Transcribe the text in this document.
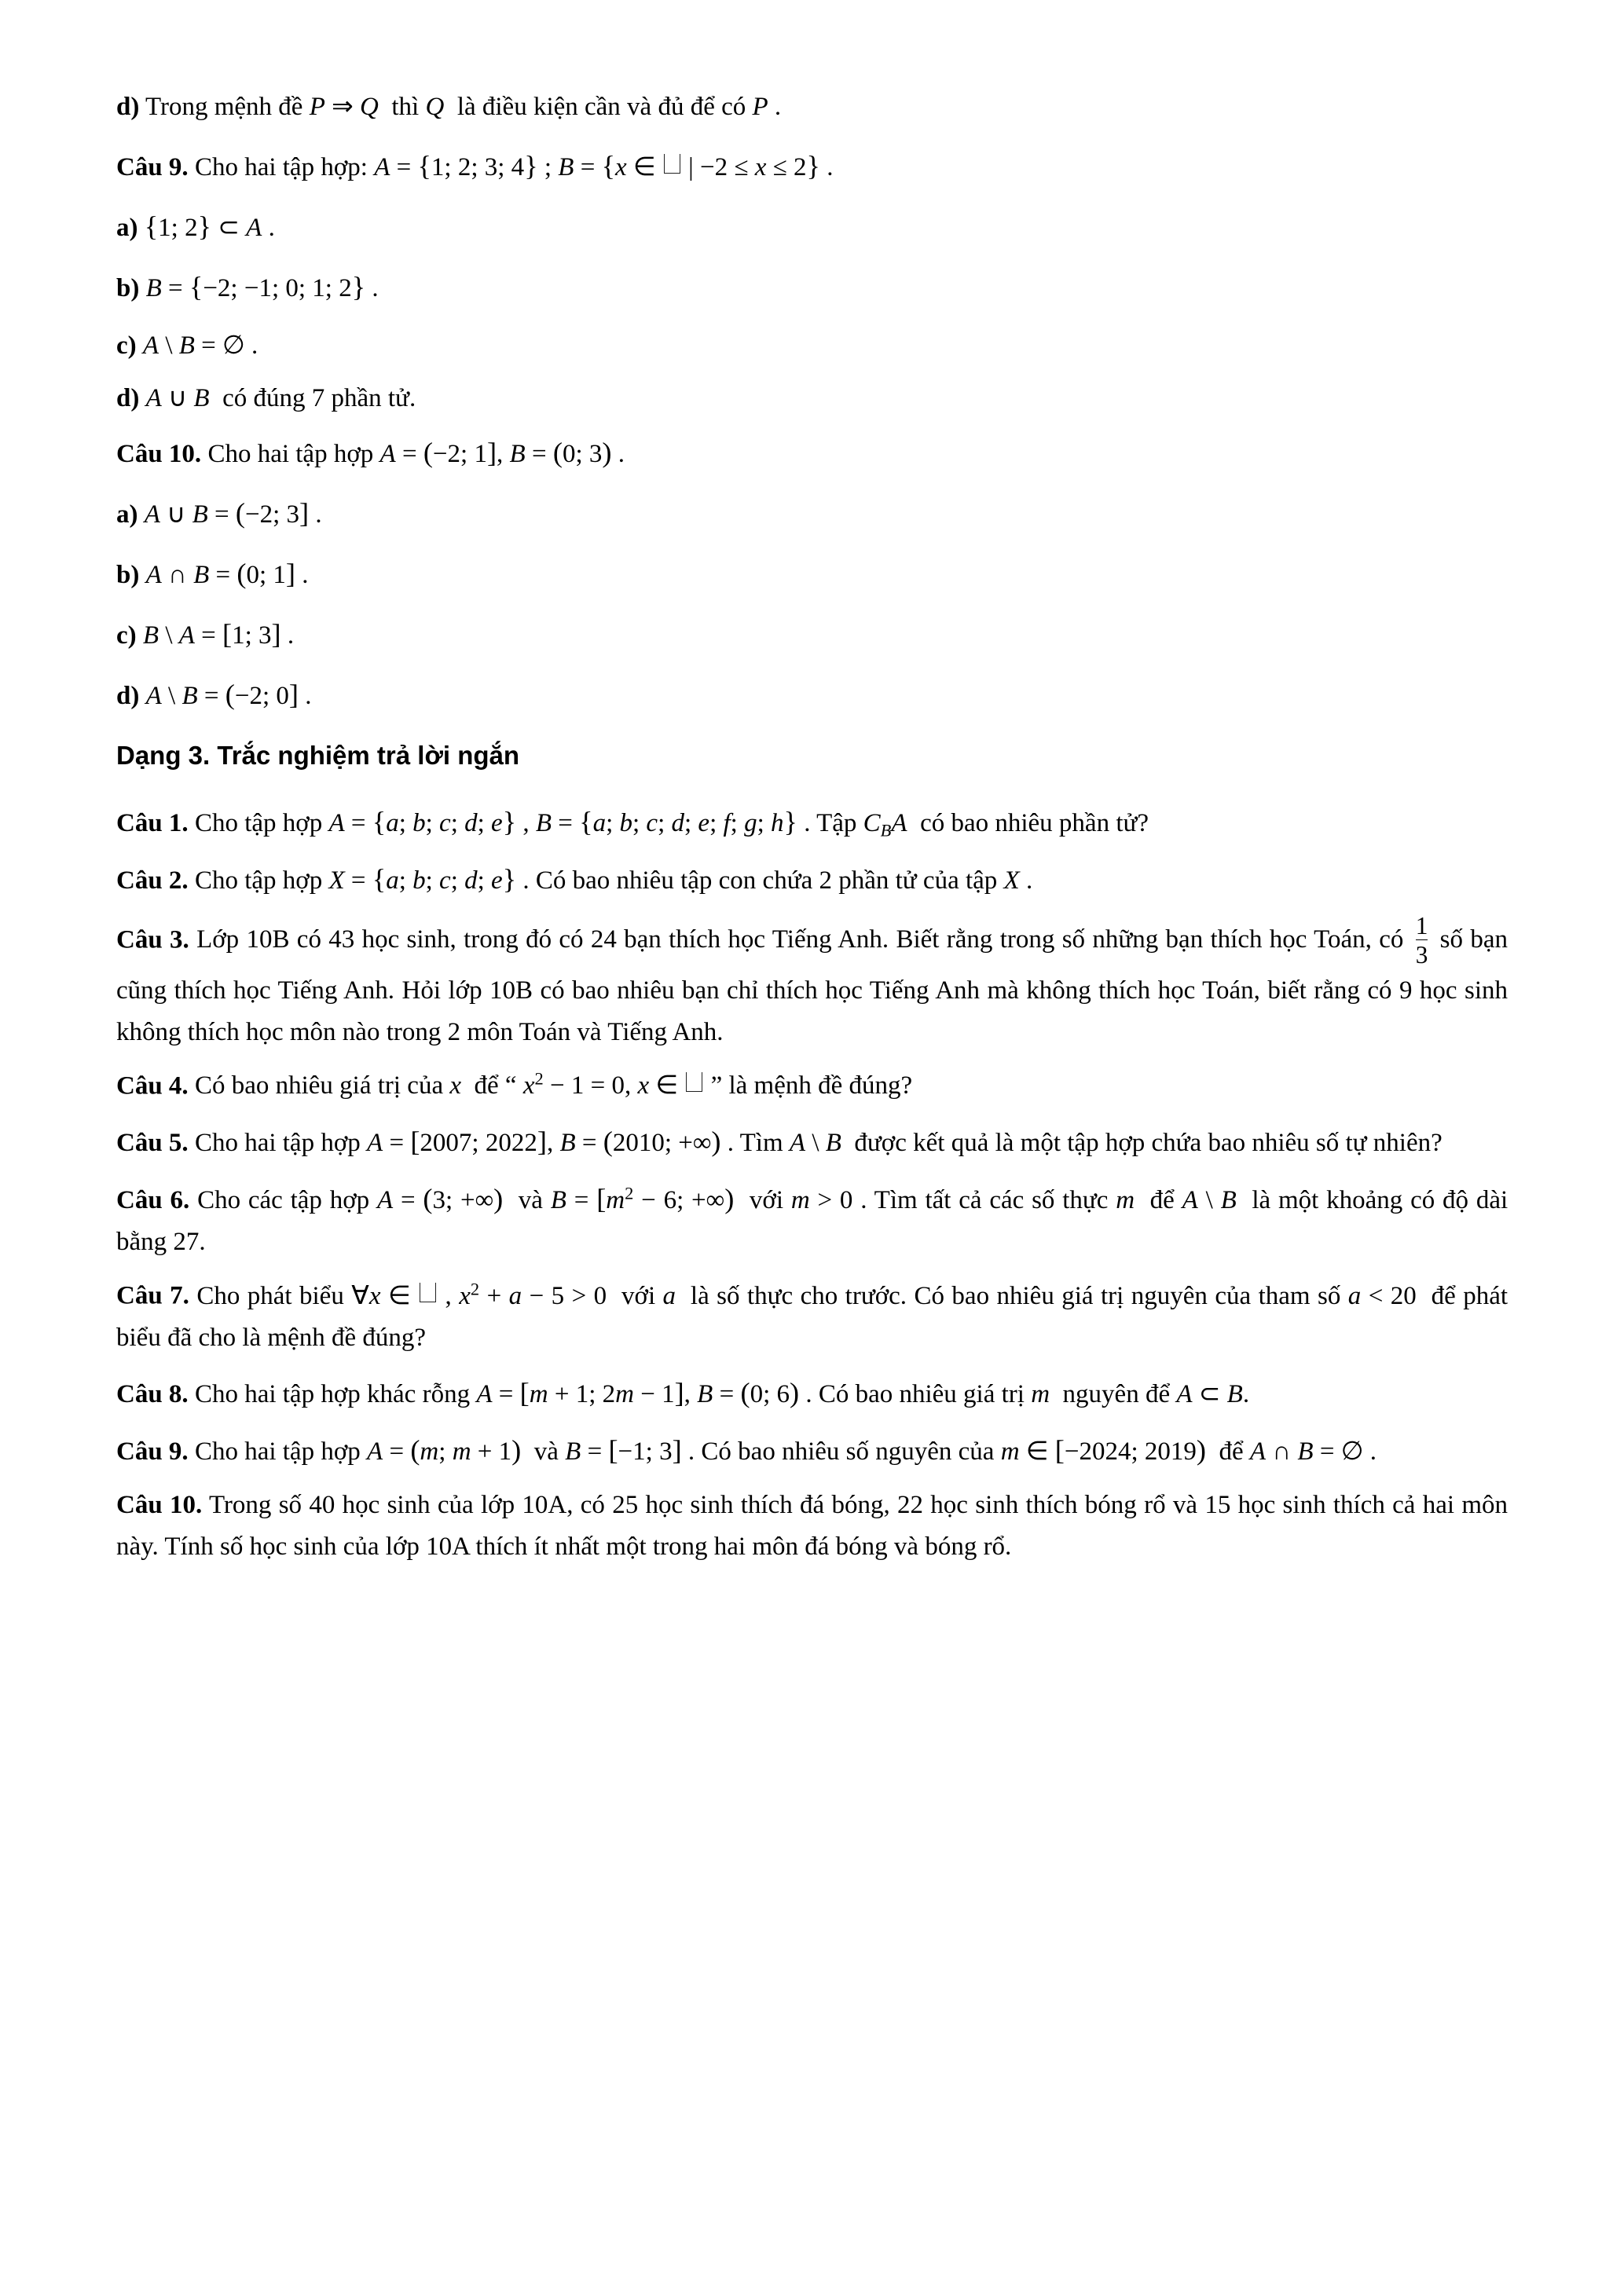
d) Trong mệnh đề P ⇒ Q  thì Q  là điều kiện cần và đủ để có P .

Câu 9. Cho hai tập hợp: A = {1; 2; 3; 4} ; B = {x ∈ | −2 ≤ x ≤ 2} .

a) {1; 2} ⊂ A .

b) B = {−2; −1; 0; 1; 2} .

c) A \ B = ∅ .

d) A ∪ B  có đúng 7 phần tử.

Câu 10. Cho hai tập hợp A = (−2; 1], B = (0; 3) .

a) A ∪ B = (−2; 3] .

b) A ∩ B = (0; 1] .

c) B \ A = [1; 3] .

d) A \ B = (−2; 0] .

Dạng 3. Trắc nghiệm trả lời ngắn

Câu 1. Cho tập hợp A = {a; b; c; d; e} , B = {a; b; c; d; e; f; g; h} . Tập $C_BA$  có bao nhiêu phần tử?

Câu 2. Cho tập hợp X = {a; b; c; d; e} . Có bao nhiêu tập con chứa 2 phần tử của tập X .

Câu 3. Lớp 10B có 43 học sinh, trong đó có 24 bạn thích học Tiếng Anh. Biết rằng trong số những bạn thích học Toán, có $\frac{1}{3}$ số bạn cũng thích học Tiếng Anh. Hỏi lớp 10B có bao nhiêu bạn chỉ thích học Tiếng Anh mà không thích học Toán, biết rằng có 9 học sinh không thích học môn nào trong 2 môn Toán và Tiếng Anh.

Câu 4. Có bao nhiêu giá trị của x  để “ $x^2 - 1 = 0$, x ∈  ” là mệnh đề đúng?

Câu 5. Cho hai tập hợp A = [2007; 2022], B = (2010; +∞) . Tìm A \ B  được kết quả là một tập hợp chứa bao nhiêu số tự nhiên?

Câu 6. Cho các tập hợp A = (3; +∞)  và $B = [m^2 - 6$; +∞)  với m > 0 . Tìm tất cả các số thực m  để A \ B  là một khoảng có độ dài bằng 27.

Câu 7. Cho phát biểu ∀x ∈  , $x^2 + a - 5 > 0$  với a  là số thực cho trước. Có bao nhiêu giá trị nguyên của tham số a < 20  để phát biểu đã cho là mệnh đề đúng?

Câu 8. Cho hai tập hợp khác rỗng A = [m + 1; 2m − 1], B = (0; 6) . Có bao nhiêu giá trị m  nguyên để A ⊂ B.

Câu 9. Cho hai tập hợp A = (m; m + 1)  và B = [−1; 3] . Có bao nhiêu số nguyên của m ∈ [−2024; 2019)  để A ∩ B = ∅ .

Câu 10. Trong số 40 học sinh của lớp 10A, có 25 học sinh thích đá bóng, 22 học sinh thích bóng rổ và 15 học sinh thích cả hai môn này. Tính số học sinh của lớp 10A thích ít nhất một trong hai môn đá bóng và bóng rổ.
